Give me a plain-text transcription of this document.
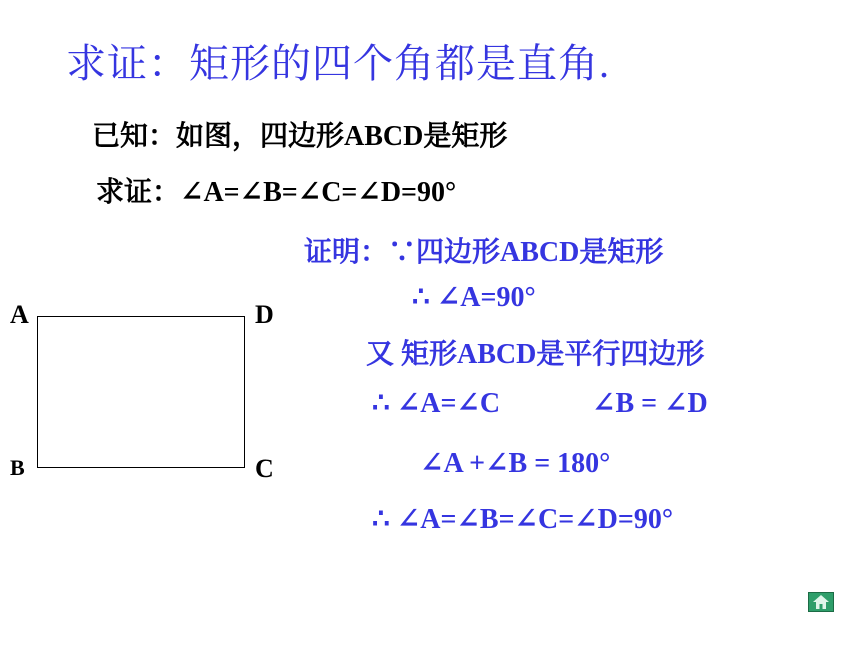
求证：矩形的四个角都是直角.
已知：如图，四边形ABCD是矩形
求证：∠A=∠B=∠C=∠D=90°
证明：∵四边形ABCD是矩形
∴ ∠A=90°
又 矩形ABCD是平行四边形
∴ ∠A=∠C	∠B = ∠D
∠A +∠B = 180°
∴ ∠A=∠B=∠C=∠D=90°
A	D
B	C
